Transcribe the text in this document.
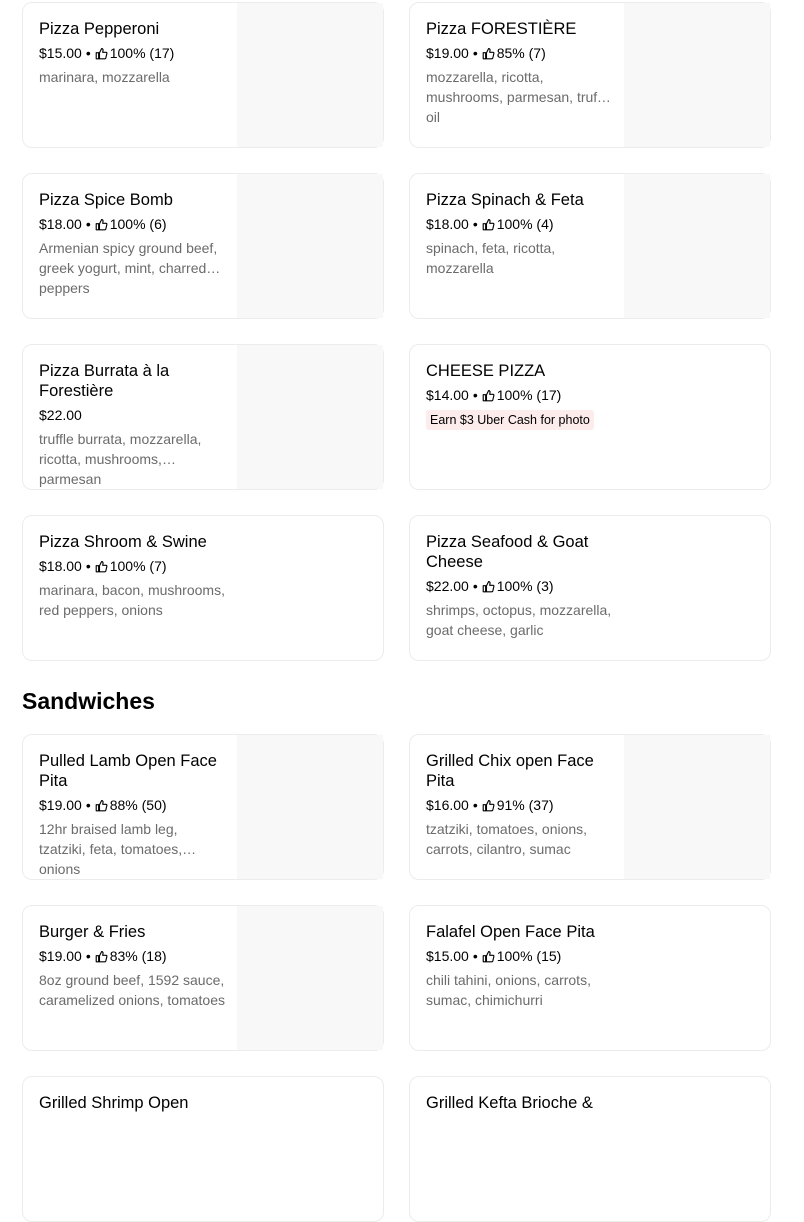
Pizza Pepperoni
$15.00 • 100% (17)
marinara, mozzarella
Pizza FORESTIÈRE
$19.00 • 85% (7)
mozzarella, ricotta, mushrooms, parmesan, truffle oil
Pizza Spice Bomb
$18.00 • 100% (6)
Armenian spicy ground beef, greek yogurt, mint, charred peppers
Pizza Spinach & Feta
$18.00 • 100% (4)
spinach, feta, ricotta, mozzarella
Pizza Burrata à la Forestière
$22.00
truffle burrata, mozzarella, ricotta, mushrooms, parmesan
CHEESE PIZZA
$14.00 • 100% (17)
Earn $3 Uber Cash for photo
Pizza Shroom & Swine
$18.00 • 100% (7)
marinara, bacon, mushrooms, red peppers, onions
Pizza Seafood & Goat Cheese
$22.00 • 100% (3)
shrimps, octopus, mozzarella, goat cheese, garlic
Sandwiches
Pulled Lamb Open Face Pita
$19.00 • 88% (50)
12hr braised lamb leg, tzatziki, feta, tomatoes, onions
Grilled Chix open Face Pita
$16.00 • 91% (37)
tzatziki, tomatoes, onions, carrots, cilantro, sumac
Burger & Fries
$19.00 • 83% (18)
8oz ground beef, 1592 sauce, caramelized onions, tomatoes
Falafel Open Face Pita
$15.00 • 100% (15)
chili tahini, onions, carrots, sumac, chimichurri
Grilled Shrimp Open	Grilled Kefta Brioche &
